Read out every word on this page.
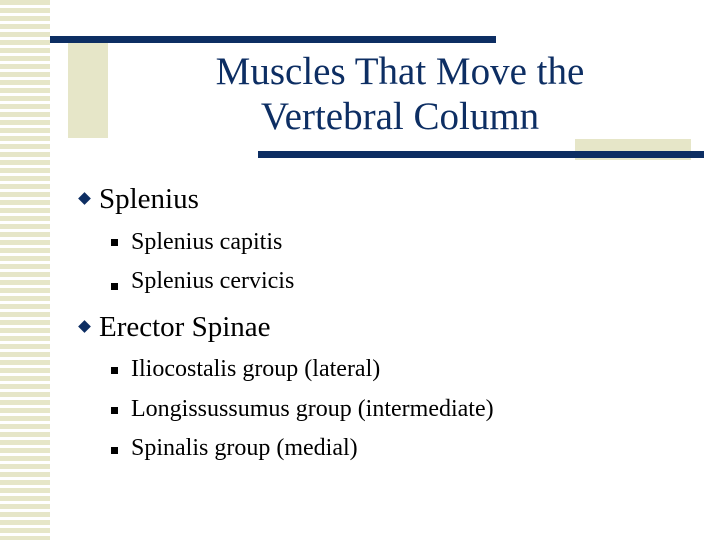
Muscles That Move the
Vertebral Column
Splenius
Splenius capitis
Splenius cervicis
Erector Spinae
Iliocostalis group (lateral)
Longissussumus group (intermediate)
Spinalis group (medial)
